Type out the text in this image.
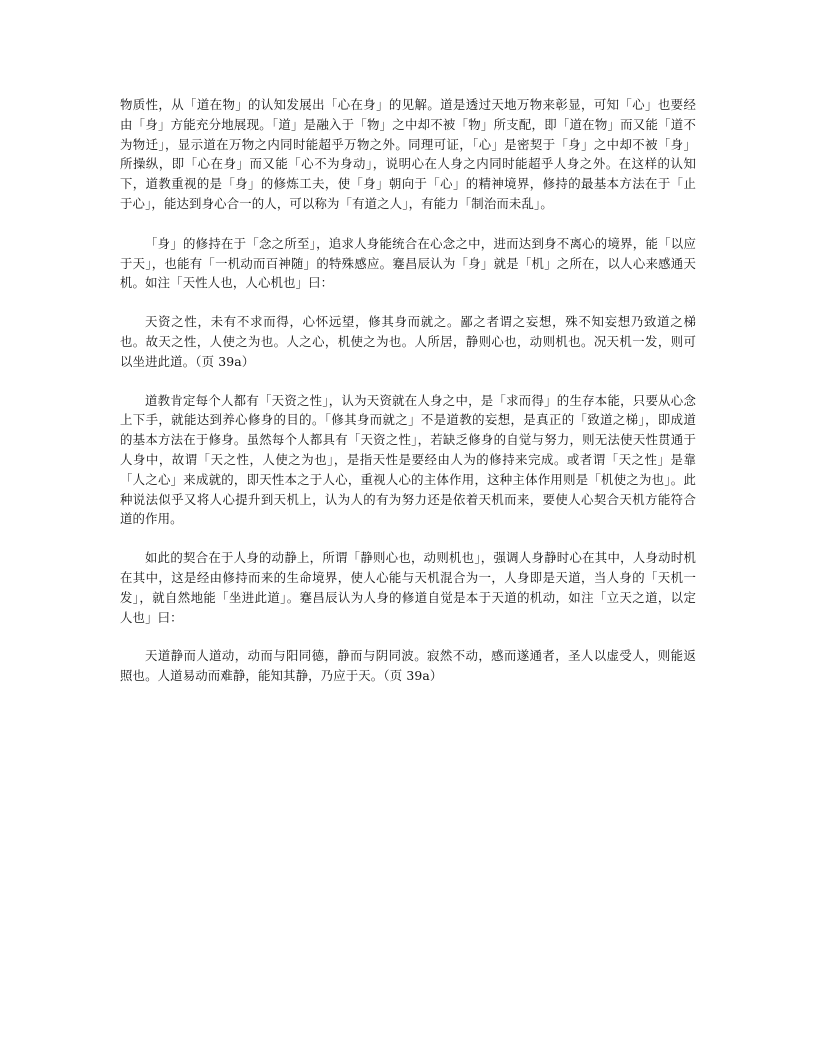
物质性，从「道在物」的认知发展出「心在身」的见解。道是透过天地万物来彰显，可知「心」也要经由「身」方能充分地展现。「道」是融入于「物」之中却不被「物」所支配，即「道在物」而又能「道不为物迁」，显示道在万物之内同时能超乎万物之外。同理可证，「心」是密契于「身」之中却不被「身」所操纵，即「心在身」而又能「心不为身动」，说明心在人身之内同时能超乎人身之外。在这样的认知下，道教重视的是「身」的修炼工夫，使「身」朝向于「心」的精神境界，修持的最基本方法在于「止于心」，能达到身心合一的人，可以称为「有道之人」，有能力「制治而未乱」。

「身」的修持在于「念之所至」，追求人身能统合在心念之中，进而达到身不离心的境界，能「以应于天」，也能有「一机动而百神随」的特殊感应。蹇昌辰认为「身」就是「机」之所在，以人心来感通天机。如注「天性人也，人心机也」曰：

天资之性，未有不求而得，心怀远望，修其身而就之。鄙之者谓之妄想，殊不知妄想乃致道之梯也。故天之性，人使之为也。人之心，机使之为也。人所居，静则心也，动则机也。况天机一发，则可以坐进此道。（页 39a）

道教肯定每个人都有「天资之性」，认为天资就在人身之中，是「求而得」的生存本能，只要从心念上下手，就能达到养心修身的目的。「修其身而就之」不是道教的妄想，是真正的「致道之梯」，即成道的基本方法在于修身。虽然每个人都具有「天资之性」，若缺乏修身的自觉与努力，则无法使天性贯通于人身中，故谓「天之性，人使之为也」，是指天性是要经由人为的修持来完成。或者谓「天之性」是靠「人之心」来成就的，即天性本之于人心，重视人心的主体作用，这种主体作用则是「机使之为也」。此种说法似乎又将人心提升到天机上，认为人的有为努力还是依着天机而来，要使人心契合天机方能符合道的作用。

如此的契合在于人身的动静上，所谓「静则心也，动则机也」，强调人身静时心在其中，人身动时机在其中，这是经由修持而来的生命境界，使人心能与天机混合为一，人身即是天道，当人身的「天机一发」，就自然地能「坐进此道」。蹇昌辰认为人身的修道自觉是本于天道的机动，如注「立天之道，以定人也」曰：

天道静而人道动，动而与阳同德，静而与阴同波。寂然不动，感而遂通者，圣人以虚受人，则能返照也。人道易动而难静，能知其静，乃应于天。（页 39a）
